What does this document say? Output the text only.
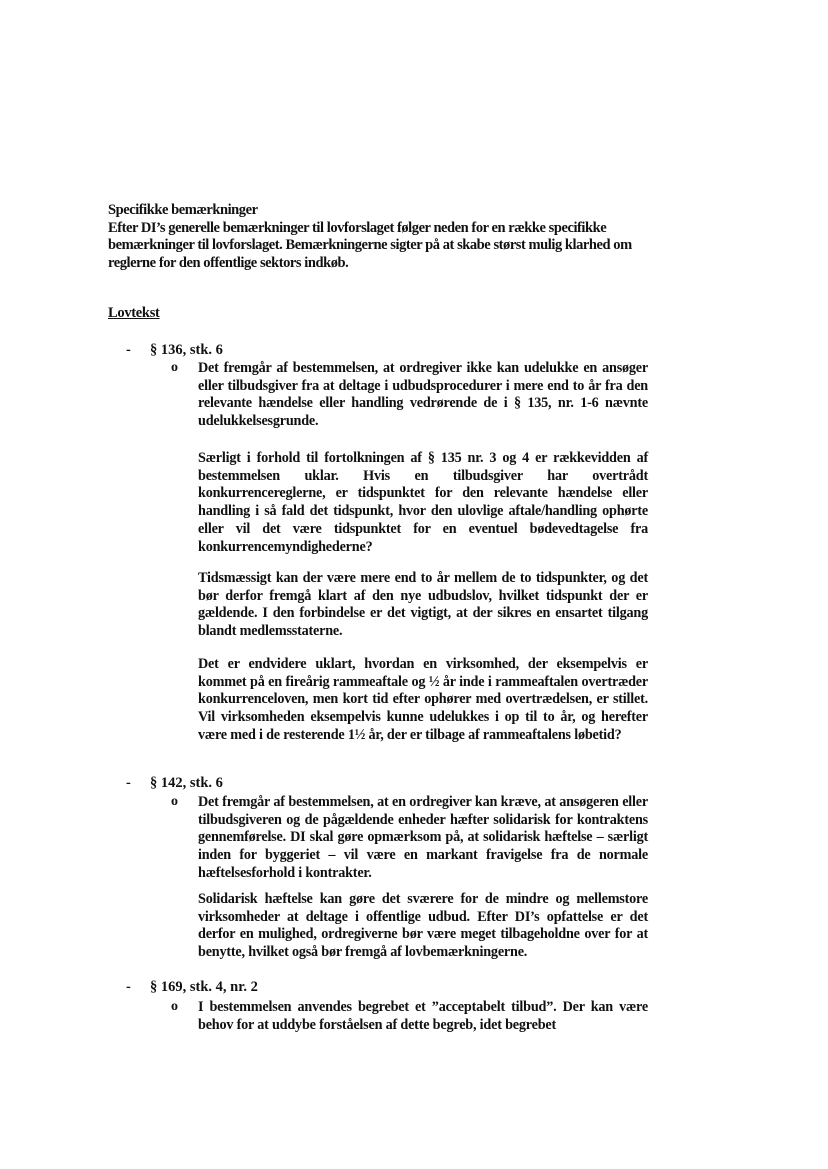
Specifikke bemærkninger
Efter DI’s generelle bemærkninger til lovforslaget følger neden for en række specifikke bemærkninger til lovforslaget. Bemærkningerne sigter på at skabe størst mulig klarhed om reglerne for den offentlige sektors indkøb.
Lovtekst
- § 136, stk. 6
o Det fremgår af bestemmelsen, at ordregiver ikke kan udelukke en ansøger eller tilbudsgiver fra at deltage i udbudsprocedurer i mere end to år fra den relevante hændelse eller handling vedrørende de i § 135, nr. 1-6 nævnte udelukkelsesgrunde.
Særligt i forhold til fortolkningen af § 135 nr. 3 og 4 er rækkevidden af bestemmelsen uklar. Hvis en tilbudsgiver har overtrådt konkurrencereglerne, er tidspunktet for den relevante hændelse eller handling i så fald det tidspunkt, hvor den ulovlige aftale/handling ophørte eller vil det være tidspunktet for en eventuel bødevedtagelse fra konkurrencemyndighederne?
Tidsmæssigt kan der være mere end to år mellem de to tidspunkter, og det bør derfor fremgå klart af den nye udbudslov, hvilket tidspunkt der er gældende. I den forbindelse er det vigtigt, at der sikres en ensartet tilgang blandt medlemsstaterne.
Det er endvidere uklart, hvordan en virksomhed, der eksempelvis er kommet på en fireårig rammeaftale og ½ år inde i rammeaftalen overtræder konkurrenceloven, men kort tid efter ophører med overtrædelsen, er stillet. Vil virksomheden eksempelvis kunne udelukkes i op til to år, og herefter være med i de resterende 1½ år, der er tilbage af rammeaftalens løbetid?
- § 142, stk. 6
o Det fremgår af bestemmelsen, at en ordregiver kan kræve, at ansøgeren eller tilbudsgiveren og de pågældende enheder hæfter solidarisk for kontraktens gennemførelse. DI skal gøre opmærksom på, at solidarisk hæftelse – særligt inden for byggeriet – vil være en markant fravigelse fra de normale hæftelsesforhold i kontrakter.
Solidarisk hæftelse kan gøre det sværere for de mindre og mellemstore virksomheder at deltage i offentlige udbud. Efter DI’s opfattelse er det derfor en mulighed, ordregiverne bør være meget tilbageholdne over for at benytte, hvilket også bør fremgå af lovbemærkningerne.
- § 169, stk. 4, nr. 2
o I bestemmelsen anvendes begrebet et ”acceptabelt tilbud”. Der kan være behov for at uddybe forståelsen af dette begreb, idet begrebet
